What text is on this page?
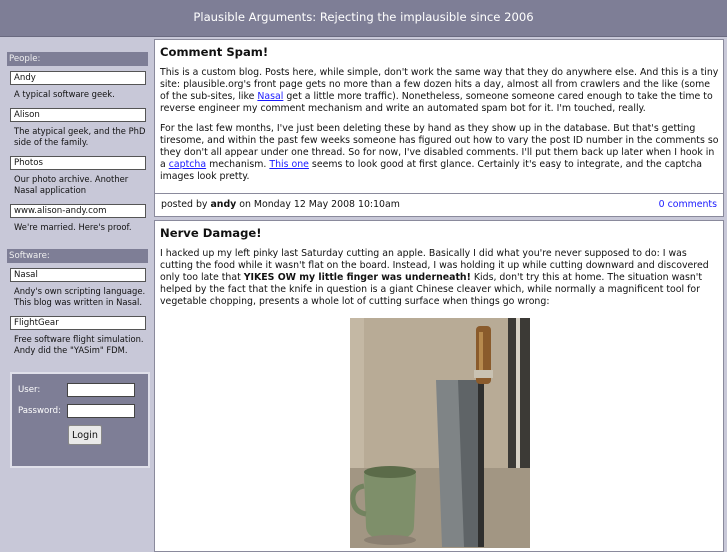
Plausible Arguments: Rejecting the implausible since 2006
People:
Andy
A typical software geek.
Alison
The atypical geek, and the PhD side of the family.
Photos
Our photo archive. Another Nasal application
www.alison-andy.com
We're married. Here's proof.
Software:
Nasal
Andy's own scripting language. This blog was written in Nasal.
FlightGear
Free software flight simulation. Andy did the "YASim" FDM.
User:
Password:
Login
Comment Spam!

This is a custom blog. Posts here, while simple, don't work the same way that they do anywhere else. And this is a tiny site: plausible.org's front page gets no more than a few dozen hits a day, almost all from crawlers and the like (some of the sub-sites, like Nasal get a little more traffic). Nonetheless, someone someone cared enough to take the time to reverse engineer my comment mechanism and write an automated spam bot for it. I'm touched, really.

For the last few months, I've just been deleting these by hand as they show up in the database. But that's getting tiresome, and within the past few weeks someone has figured out how to vary the post ID number in the comments so they don't all appear under one thread. So for now, I've disabled comments. I'll put them back up later when I hook in a captcha mechanism. This one seems to look good at first glance. Certainly it's easy to integrate, and the captcha images look pretty.

posted by andy on Monday 12 May 2008 10:10am	0 comments
Nerve Damage!

I hacked up my left pinky last Saturday cutting an apple. Basically I did what you're never supposed to do: I was cutting the food while it wasn't flat on the board. Instead, I was holding it up while cutting downward and discovered only too late that YIKES OW my little finger was underneath! Kids, don't try this at home. The situation wasn't helped by the fact that the knife in question is a giant Chinese cleaver which, while normally a magnificent tool for vegetable chopping, presents a whole lot of cutting surface when things go wrong:
